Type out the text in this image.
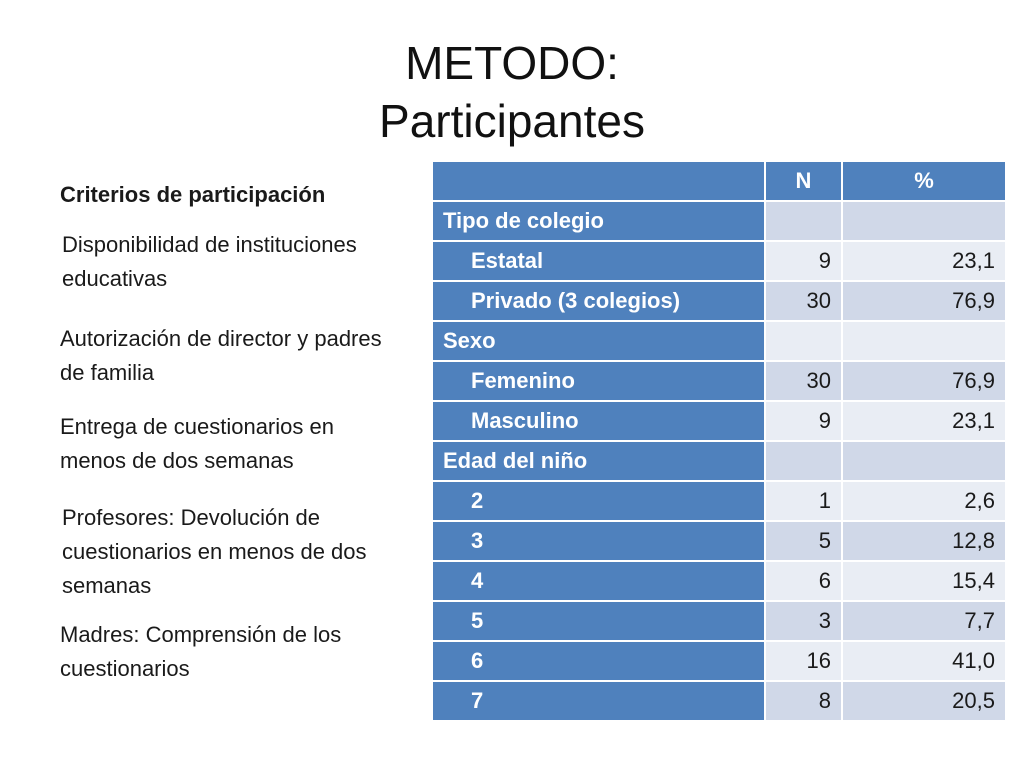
METODO:
Participantes
Criterios de participación
Disponibilidad de instituciones educativas
Autorización de director y padres de familia
Entrega de cuestionarios en menos de dos semanas
Profesores: Devolución de cuestionarios en menos de dos semanas
Madres: Comprensión de los cuestionarios
	N	%
Tipo de colegio		
Estatal	9	23,1
Privado (3 colegios)	30	76,9
Sexo		
Femenino	30	76,9
Masculino	9	23,1
Edad del niño		
2	1	2,6
3	5	12,8
4	6	15,4
5	3	7,7
6	16	41,0
7	8	20,5
